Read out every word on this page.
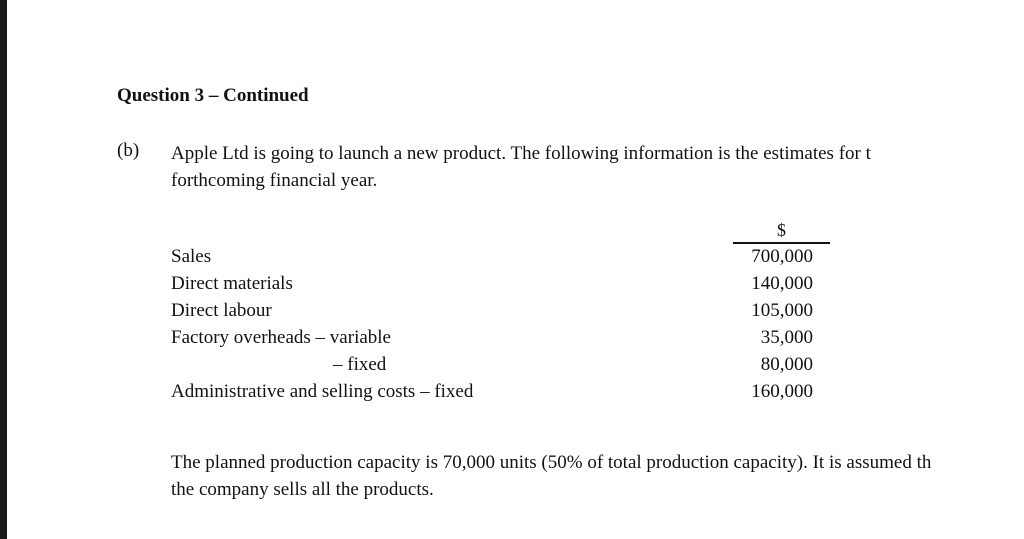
Question 3 – Continued
(b) Apple Ltd is going to launch a new product. The following information is the estimates for t
forthcoming financial year.
$
Sales	700,000
Direct materials	140,000
Direct labour	105,000
Factory overheads – variable	35,000
– fixed	80,000
Administrative and selling costs – fixed	160,000
The planned production capacity is 70,000 units (50% of total production capacity). It is assumed th
the company sells all the products.
